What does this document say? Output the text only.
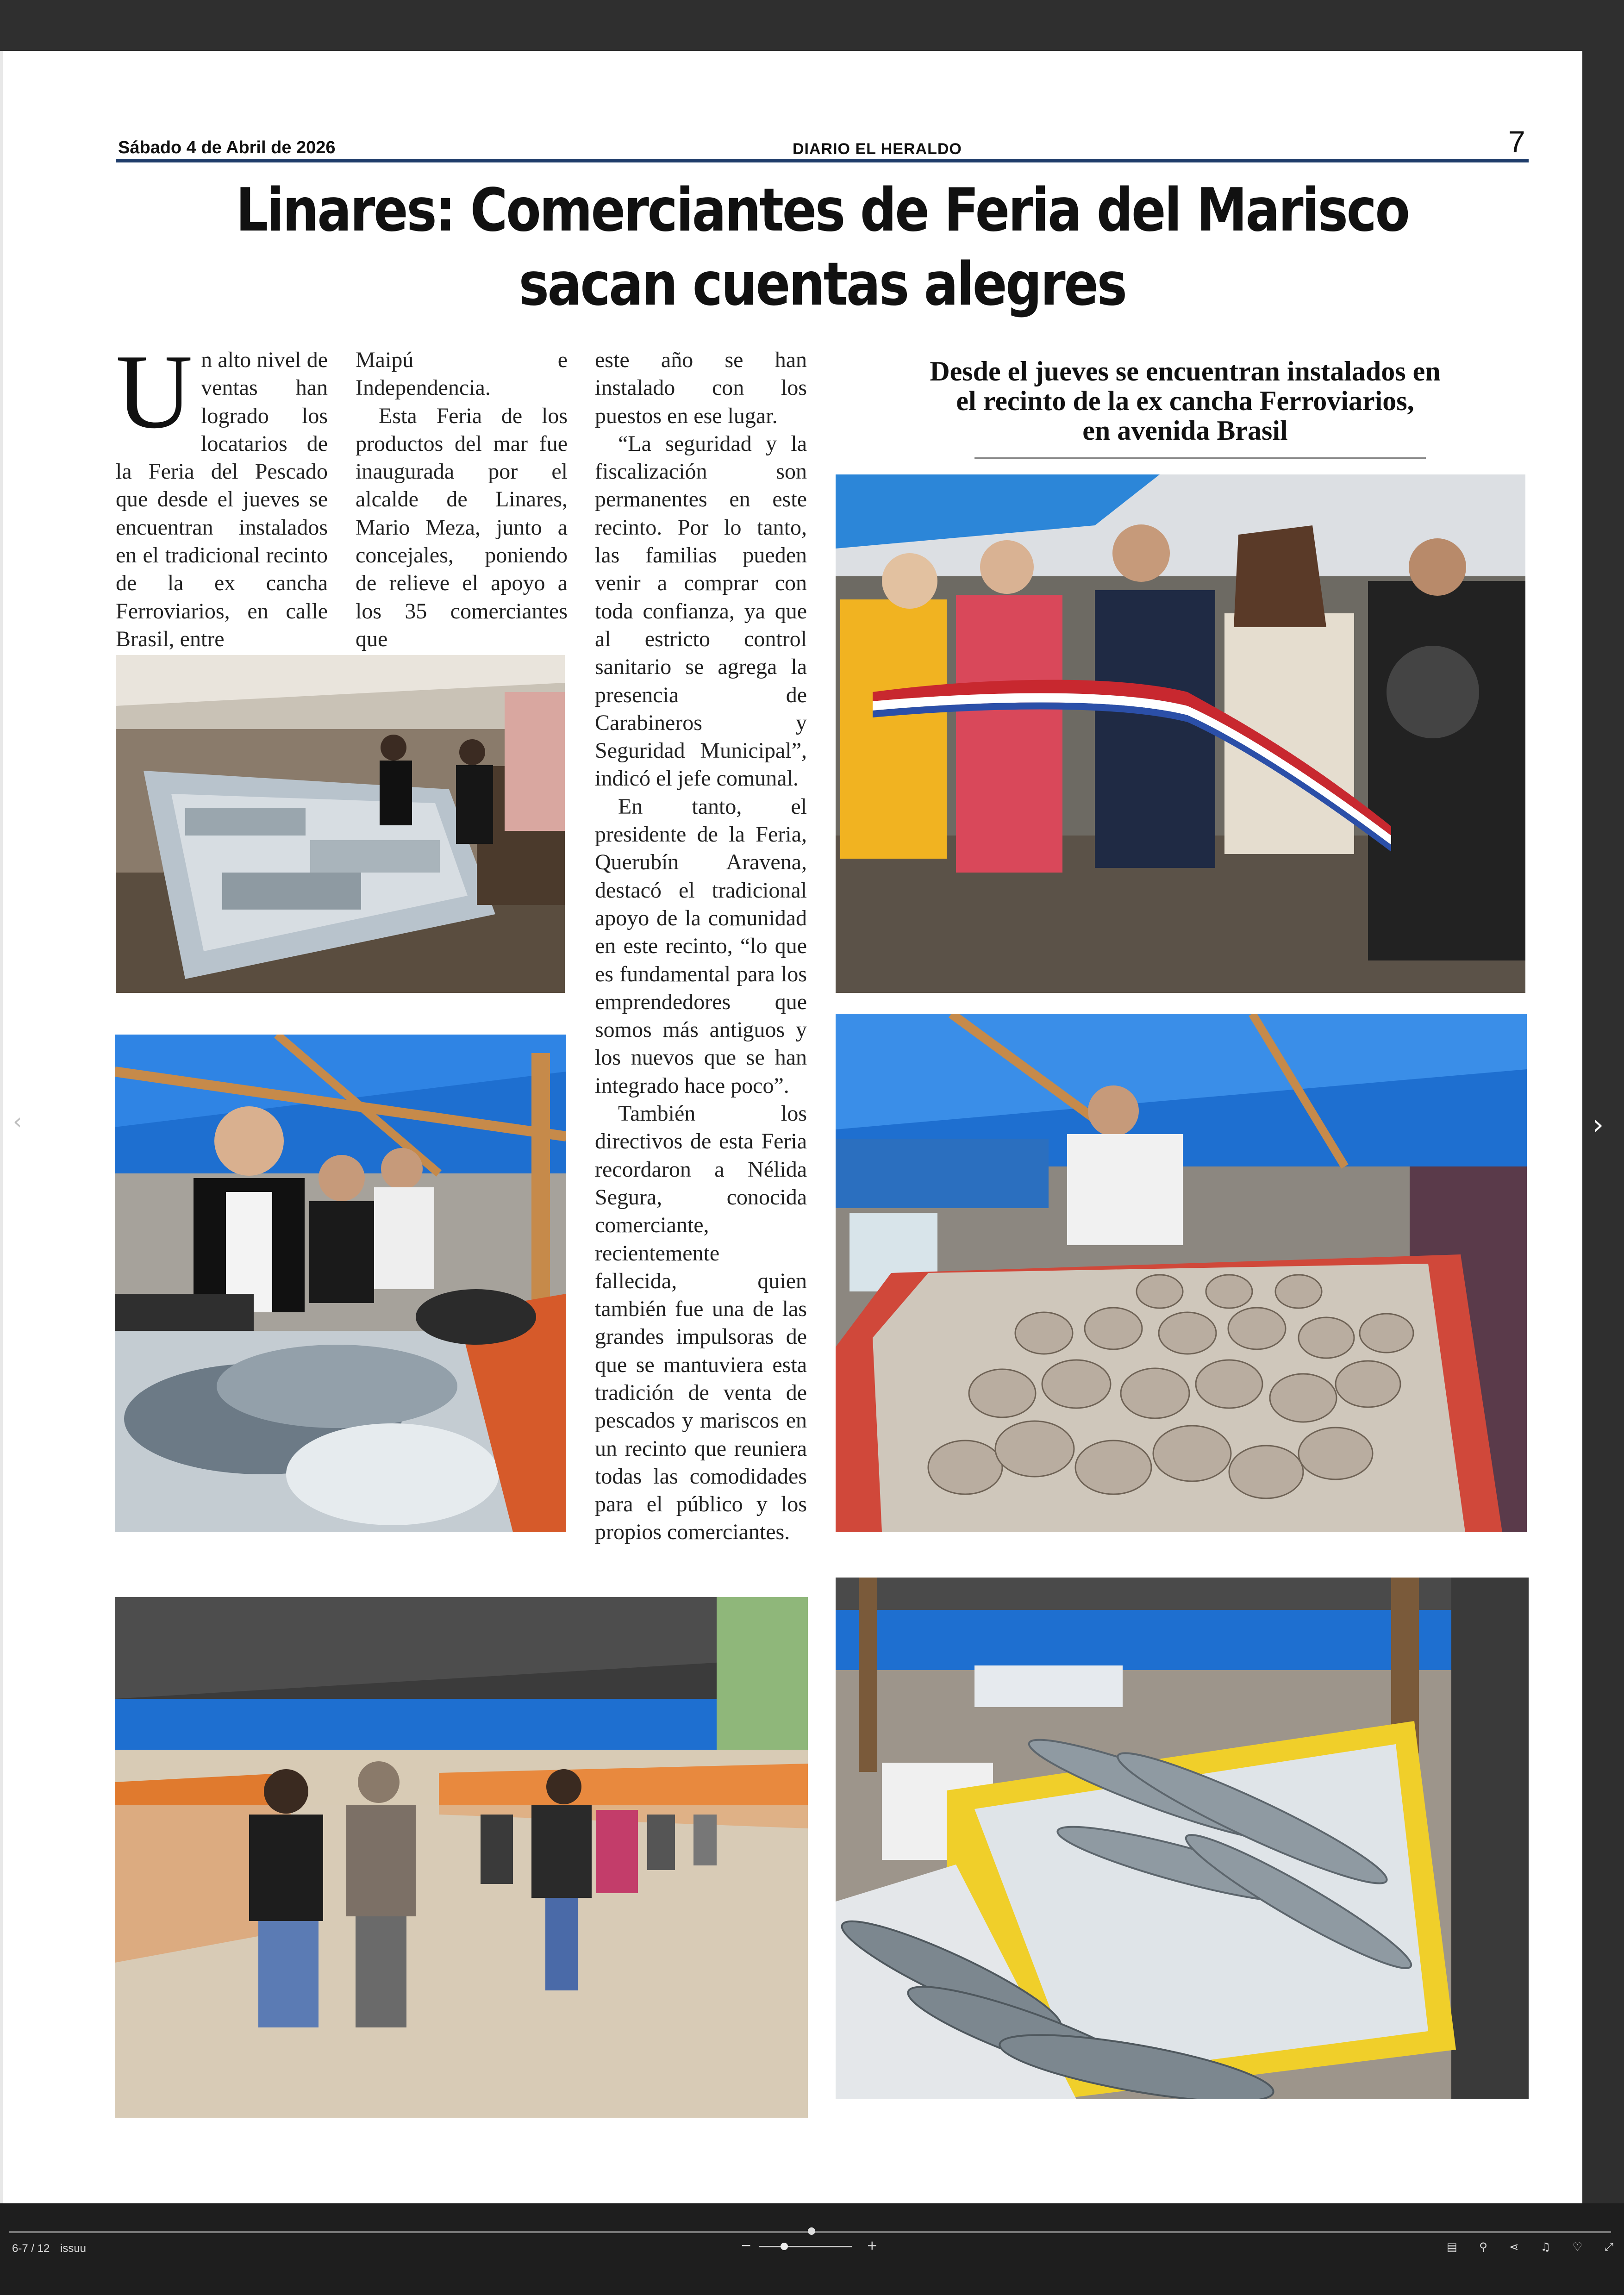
Sábado 4 de Abril de 2026	DIARIO EL HERALDO	7
Linares: Comerciantes de Feria del Marisco
sacan cuentas alegres
U n alto nivel de ventas han logrado los locatarios de la Feria del Pescado que desde el jueves se encuentran instalados en el tradicional recinto de la ex cancha Ferroviarios, en calle Brasil, entre

Maipú e Independencia.

Esta Feria de los productos del mar fue inaugurada por el alcalde de Linares, Mario Meza, junto a concejales, poniendo de relieve el apoyo a los 35 comerciantes que

este año se han instalado con los puestos en ese lugar.

“La seguridad y la fiscalización son permanentes en este recinto. Por lo tanto, las familias pueden venir a comprar con toda confianza, ya que al estricto control sanitario se agrega la presencia de Carabineros y Seguridad Municipal”, indicó el jefe comunal.

En tanto, el presidente de la Feria, Querubín Aravena, destacó el tradicional apoyo de la comunidad en este recinto, “lo que es fundamental para los emprendedores que somos más antiguos y los nuevos que se han integrado hace poco”.

También los directivos de esta Feria recordaron a Nélida Segura, conocida comerciante, recientemente fallecida, quien también fue una de las grandes impulsoras de que se mantuviera esta tradición de venta de pescados y mariscos en un recinto que reuniera todas las comodidades para el público y los propios comerciantes.

Desde el jueves se encuentran instalados en
el recinto de la ex cancha Ferroviarios,
en avenida Brasil
6-7 / 12 issuu	−	+	▤ ⚲ ⋖ ♫ ♡ ⤢
›
‹
